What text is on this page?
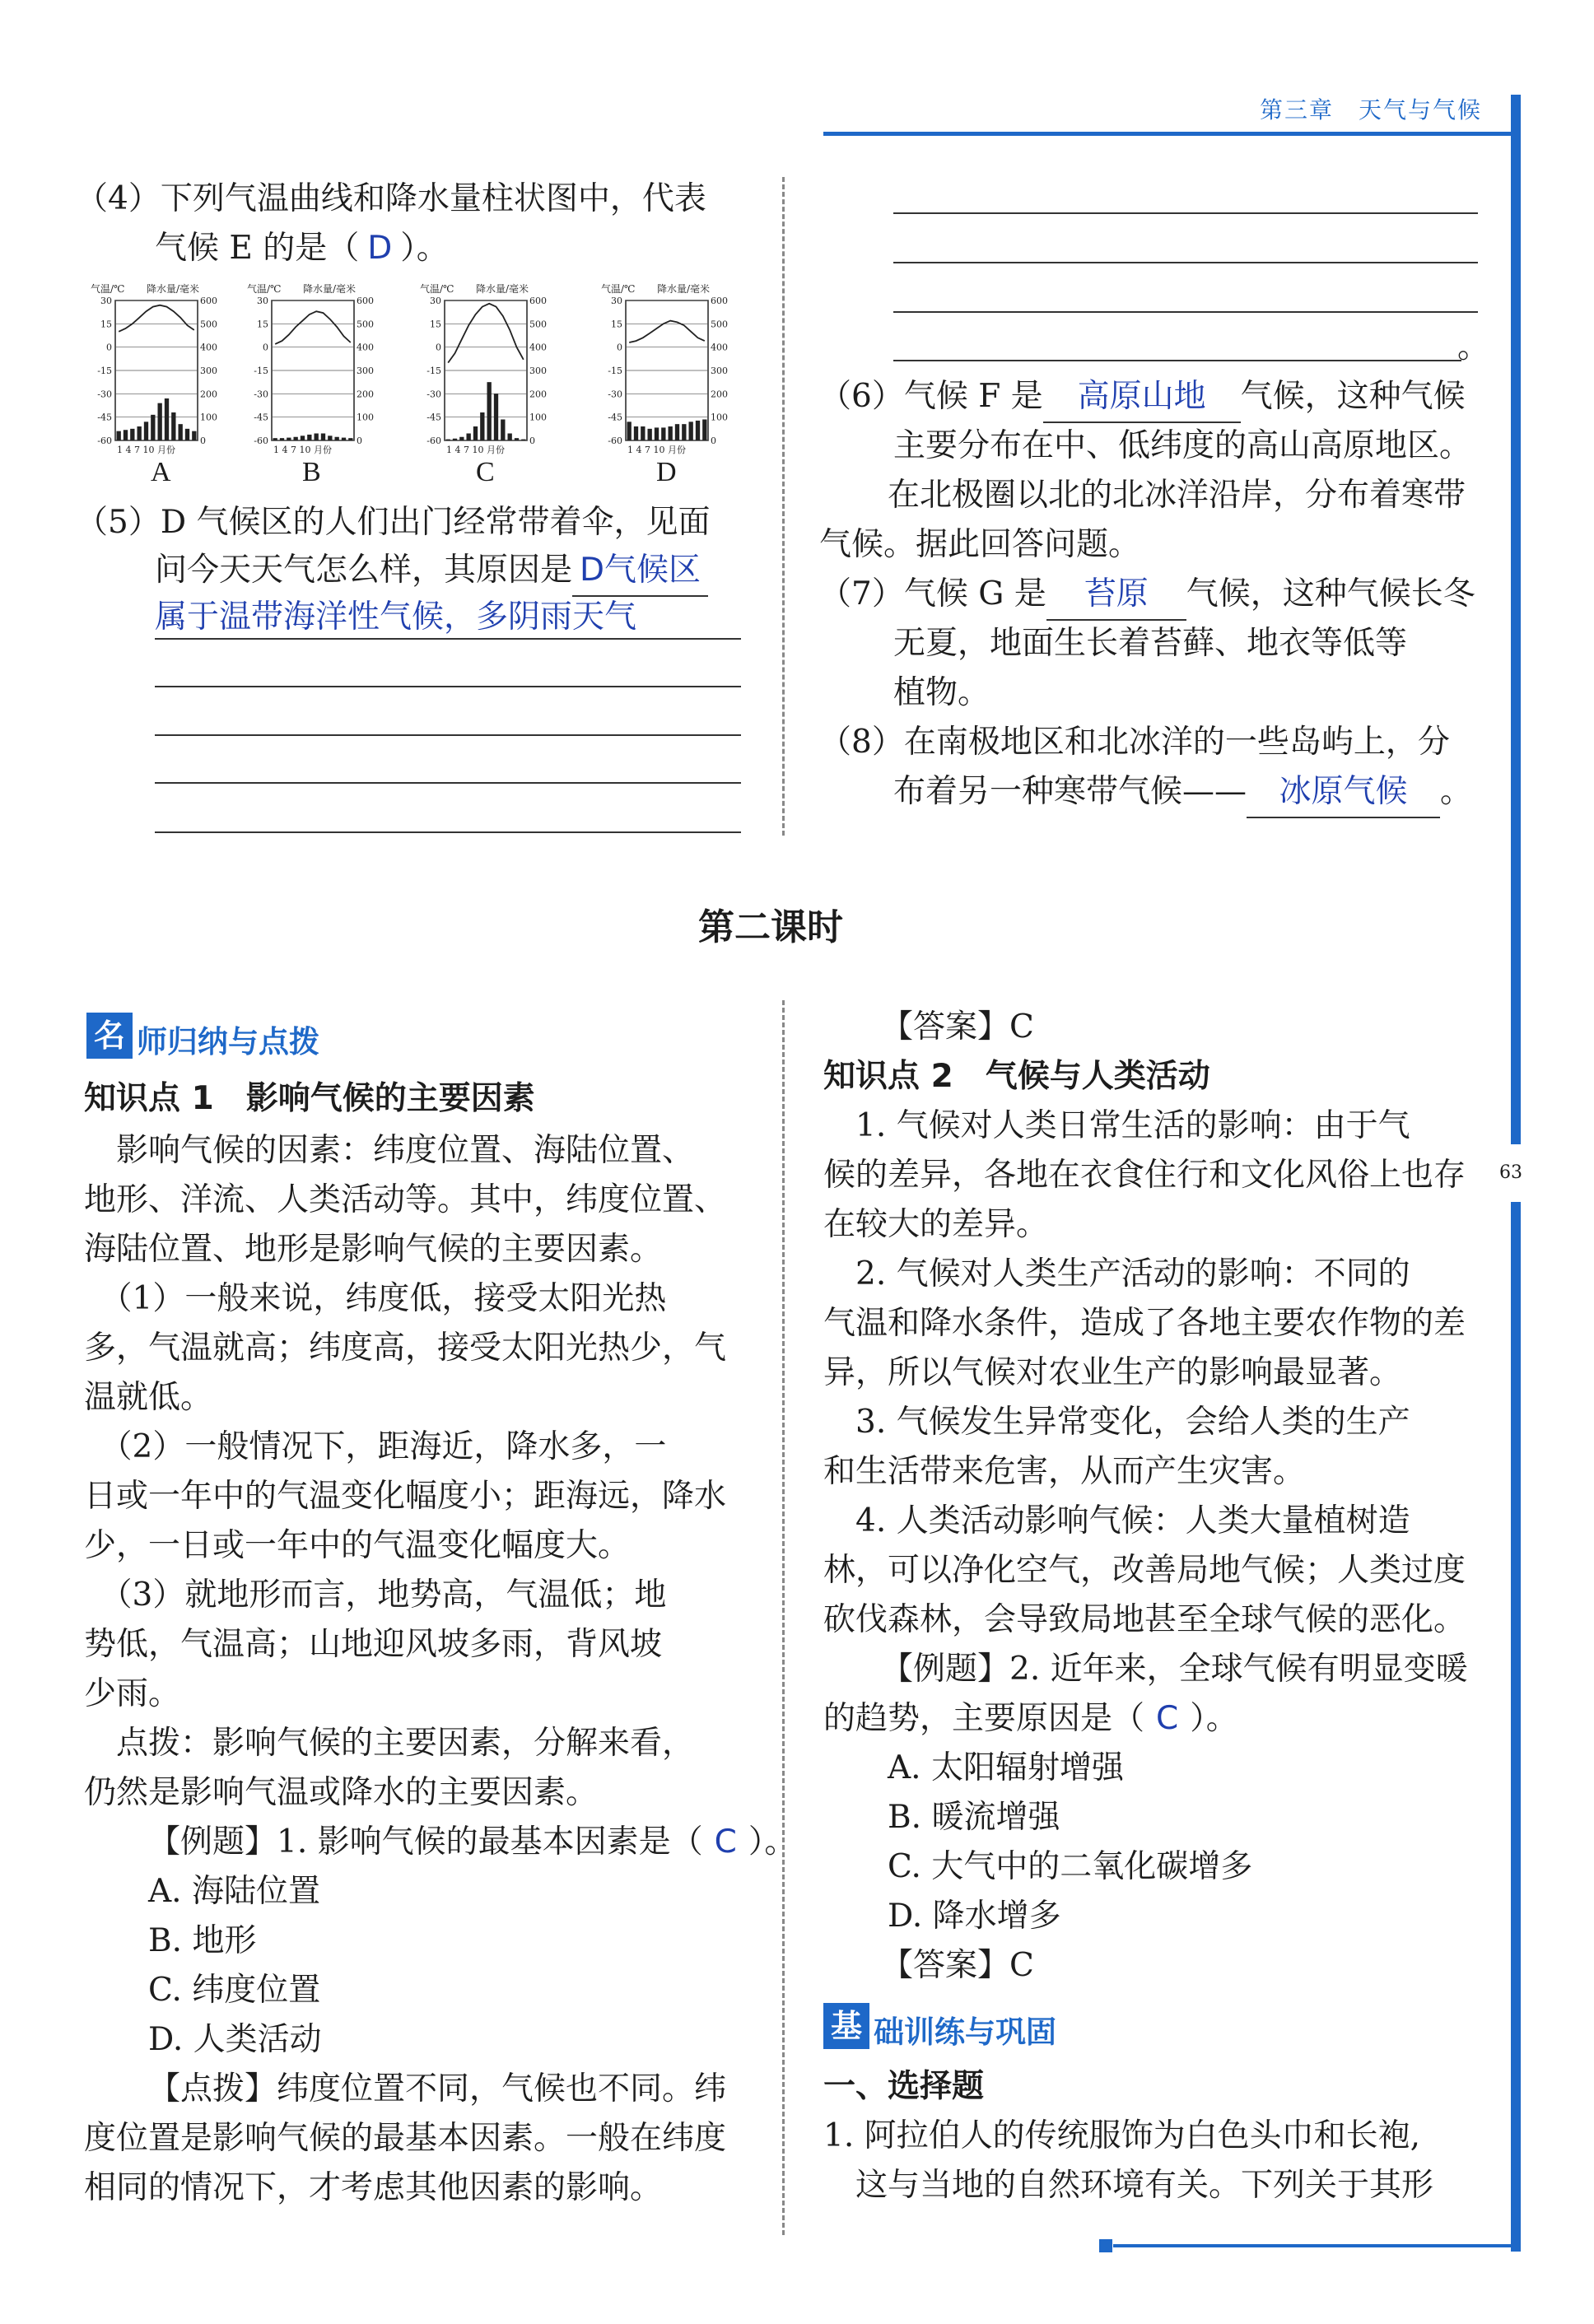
第三章　天气与气候
63
（4）下列气温曲线和降水量柱状图中，代表
气候 E 的是（ D ）。
气温/℃ 降水量/毫米
30	600
15	500
0	400
-15	300
-30	200
-45	100
-60	0
1 4 7 10 月份
气温/℃ 降水量/毫米
30	600
15	500
0	400
-15	300
-30	200
-45	100
-60	0
1 4 7 10 月份
气温/℃ 降水量/毫米
30	600
15	500
0	400
-15	300
-30	200
-45	100
-60	0
1 4 7 10 月份
气温/℃ 降水量/毫米
30	600
15	500
0	400
-15	300
-30	200
-45	100
-60	0
1 4 7 10 月份
A	B	C	D
（5）D 气候区的人们出门经常带着伞，见面
问今天天气怎么样，其原因是 D气候区
属于温带海洋性气候，多阴雨天气
。
（6）气候 F 是 高原山地 气候，这种气候
主要分布在中、低纬度的高山高原地区。
在北极圈以北的北冰洋沿岸，分布着寒带
气候。据此回答问题。
（7）气候 G 是 苔原 气候，这种气候长冬
无夏，地面生长着苔藓、地衣等低等
植物。
（8）在南极地区和北冰洋的一些岛屿上，分
布着另一种寒带气候—— 冰原气候 。
第二课时
名 师归纳与点拨
知识点 1　影响气候的主要因素
　影响气候的因素：纬度位置、海陆位置、
地形、洋流、人类活动等。其中，纬度位置、
海陆位置、地形是影响气候的主要因素。
　（1）一般来说，纬度低，接受太阳光热
多，气温就高；纬度高，接受太阳光热少，气
温就低。
　（2）一般情况下，距海近，降水多，一
日或一年中的气温变化幅度小；距海远，降水
少，一日或一年中的气温变化幅度大。
　（3）就地形而言，地势高，气温低；地
势低，气温高；山地迎风坡多雨，背风坡
少雨。
　点拨：影响气候的主要因素，分解来看，
仍然是影响气温或降水的主要因素。
【例题】1. 影响气候的最基本因素是（ C ）。
A. 海陆位置
B. 地形
C. 纬度位置
D. 人类活动
【点拨】纬度位置不同，气候也不同。纬
度位置是影响气候的最基本因素。一般在纬度
相同的情况下，才考虑其他因素的影响。
【答案】C
知识点 2　气候与人类活动
　1. 气候对人类日常生活的影响：由于气
候的差异，各地在衣食住行和文化风俗上也存
在较大的差异。
　2. 气候对人类生产活动的影响：不同的
气温和降水条件，造成了各地主要农作物的差
异，所以气候对农业生产的影响最显著。
　3. 气候发生异常变化，会给人类的生产
和生活带来危害，从而产生灾害。
　4. 人类活动影响气候：人类大量植树造
林，可以净化空气，改善局地气候；人类过度
砍伐森林，会导致局地甚至全球气候的恶化。
【例题】2. 近年来，全球气候有明显变暖
的趋势，主要原因是（ C ）。
A. 太阳辐射增强
B. 暖流增强
C. 大气中的二氧化碳增多
D. 降水增多
【答案】C
基 础训练与巩固
一、选择题
1. 阿拉伯人的传统服饰为白色头巾和长袍,
　这与当地的自然环境有关。下列关于其形
